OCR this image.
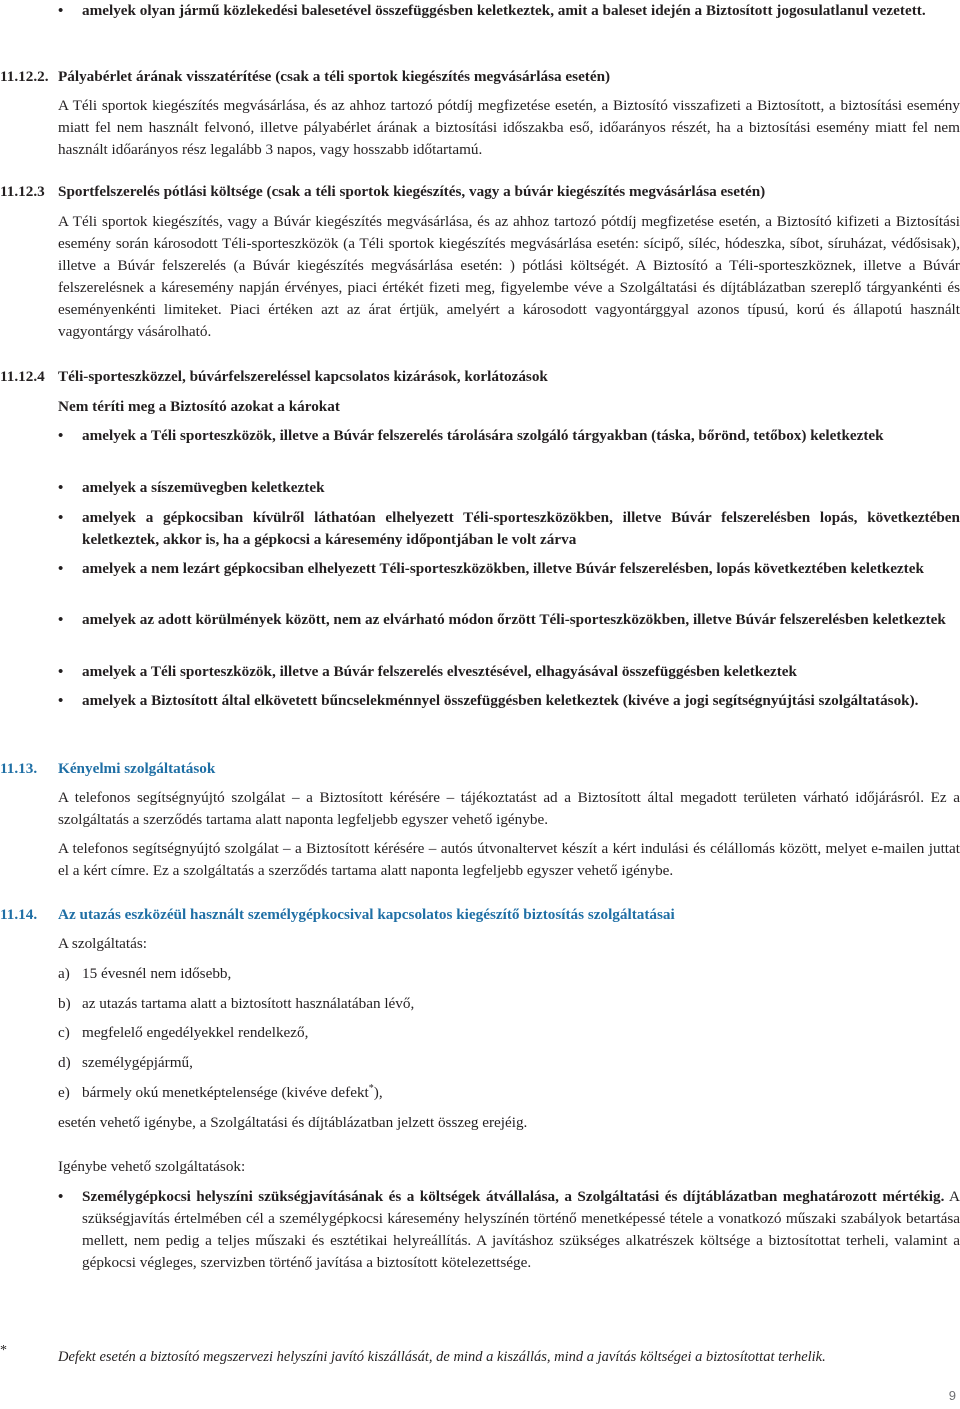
• amelyek olyan jármű közlekedési balesetével összefüggésben keletkeztek, amit a baleset idején a Biztosított jogosulatlanul vezetett.
11.12.2. Pályabérlet árának visszatérítése (csak a téli sportok kiegészítés megvásárlása esetén)
A Téli sportok kiegészítés megvásárlása, és az ahhoz tartozó pótdíj megfizetése esetén, a Biztosító visszafizeti a Biztosított, a biztosítási esemény miatt fel nem használt felvonó, illetve pályabérlet árának a biztosítási időszakba eső, időarányos részét, ha a biztosítási esemény miatt fel nem használt időarányos rész legalább 3 napos, vagy hosszabb időtartamú.
11.12.3 Sportfelszerelés pótlási költsége (csak a téli sportok kiegészítés, vagy a búvár kiegészítés megvásárlása esetén)
A Téli sportok kiegészítés, vagy a Búvár kiegészítés megvásárlása, és az ahhoz tartozó pótdíj megfizetése esetén, a Biztosító kifizeti a Biztosítási esemény során károsodott Téli-sporteszközök (a Téli sportok kiegészítés megvásárlása esetén: sícipő, síléc, hódeszka, síbot, síruházat, védősisak), illetve a Búvár felszerelés (a Búvár kiegészítés megvásárlása esetén: ) pótlási költségét. A Biztosító a Téli-sporteszköznek, illetve a Búvár felszerelésnek a káresemény napján érvényes, piaci értékét fizeti meg, figyelembe véve a Szolgáltatási és díjtáblázatban szereplő tárgyankénti és eseményenkénti limiteket. Piaci értéken azt az árat értjük, amelyért a károsodott vagyontárggyal azonos típusú, korú és állapotú használt vagyontárgy vásárolható.
11.12.4 Téli-sporteszközzel, búvárfelszereléssel kapcsolatos kizárások, korlátozások
Nem téríti meg a Biztosító azokat a károkat
• amelyek a Téli sporteszközök, illetve a Búvár felszerelés tárolására szolgáló tárgyakban (táska, bőrönd, tetőbox) keletkeztek
• amelyek a síszemüvegben keletkeztek
• amelyek a gépkocsiban kívülről láthatóan elhelyezett Téli-sporteszközökben, illetve Búvár felszerelésben lopás, következtében keletkeztek, akkor is, ha a gépkocsi a káresemény időpontjában le volt zárva
• amelyek a nem lezárt gépkocsiban elhelyezett Téli-sporteszközökben, illetve Búvár felszerelésben, lopás következtében keletkeztek
• amelyek az adott körülmények között, nem az elvárható módon őrzött Téli-sporteszközökben, illetve Búvár felszerelésben keletkeztek
• amelyek a Téli sporteszközök, illetve a Búvár felszerelés elvesztésével, elhagyásával összefüggésben keletkeztek
• amelyek a Biztosított által elkövetett bűncselekménnyel összefüggésben keletkeztek (kivéve a jogi segítségnyújtási szolgáltatások).
11.13. Kényelmi szolgáltatások
A telefonos segítségnyújtó szolgálat – a Biztosított kérésére – tájékoztatást ad a Biztosított által megadott területen várható időjárásról. Ez a szolgáltatás a szerződés tartama alatt naponta legfeljebb egyszer vehető igénybe.
A telefonos segítségnyújtó szolgálat – a Biztosított kérésére – autós útvonaltervet készít a kért indulási és célállomás között, melyet e-mailen juttat el a kért címre. Ez a szolgáltatás a szerződés tartama alatt naponta legfeljebb egyszer vehető igénybe.
11.14. Az utazás eszközéül használt személygépkocsival kapcsolatos kiegészítő biztosítás szolgáltatásai
A szolgáltatás:
a) 15 évesnél nem idősebb,
b) az utazás tartama alatt a biztosított használatában lévő,
c) megfelelő engedélyekkel rendelkező,
d) személygépjármű,
e) bármely okú menetképtelensége (kivéve defekt*),
esetén vehető igénybe, a Szolgáltatási és díjtáblázatban jelzett összeg erejéig.
Igénybe vehető szolgáltatások:
• Személygépkocsi helyszíni szükségjavításának és a költségek átvállalása, a Szolgáltatási és díjtáblázatban meghatározott mértékig. A szükségjavítás értelmében cél a személygépkocsi káresemény helyszínén történő menetképessé tétele a vonatkozó műszaki szabályok betartása mellett, nem pedig a teljes műszaki és esztétikai helyreállítás. A javításhoz szükséges alkatrészek költsége a biztosítottat terheli, valamint a gépkocsi végleges, szervizben történő javítása a biztosított kötelezettsége.
*	Defekt esetén a biztosító megszervezi helyszíni javító kiszállását, de mind a kiszállás, mind a javítás költségei a biztosítottat terhelik.
9
